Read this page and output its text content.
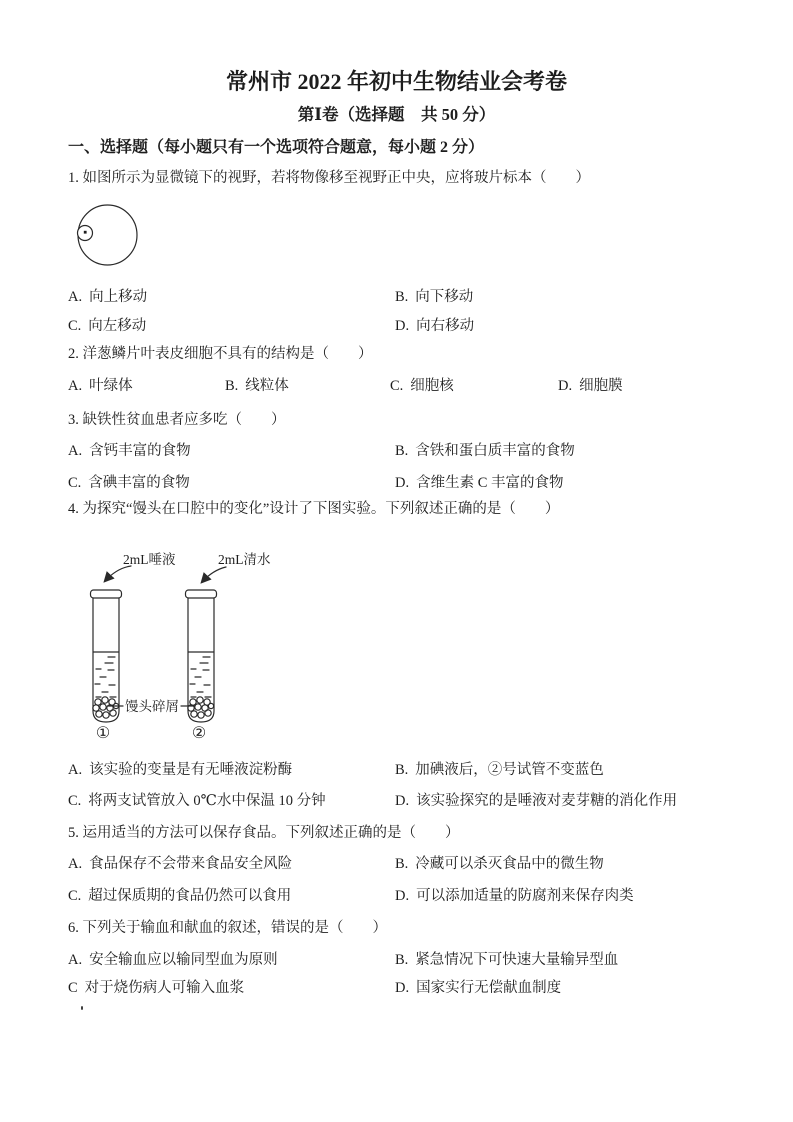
常州市 2022 年初中生物结业会考卷
第Ⅰ卷（选择题　共 50 分）
一、选择题（每小题只有一个选项符合题意，每小题 2 分）
1. 如图所示为显微镜下的视野，若将物像移至视野正中央，应将玻片标本（　　）
A. 向上移动	B. 向下移动
C. 向左移动	D. 向右移动
2. 洋葱鳞片叶表皮细胞不具有的结构是（　　）
A. 叶绿体	B. 线粒体	C. 细胞核	D. 细胞膜
3. 缺铁性贫血患者应多吃（　　）
A. 含钙丰富的食物	B. 含铁和蛋白质丰富的食物
C. 含碘丰富的食物	D. 含维生素 C 丰富的食物
4. 为探究“馒头在口腔中的变化”设计了下图实验。下列叙述正确的是（　　）
2mL唾液	2mL清水
①	②
馒头碎屑
A. 该实验的变量是有无唾液淀粉酶	B. 加碘液后，②号试管不变蓝色
C. 将两支试管放入 0℃水中保温 10 分钟	D. 该实验探究的是唾液对麦芽糖的消化作用
5. 运用适当的方法可以保存食品。下列叙述正确的是（　　）
A. 食品保存不会带来食品安全风险	B. 冷藏可以杀灭食品中的微生物
C. 超过保质期的食品仍然可以食用	D. 可以添加适量的防腐剂来保存肉类
6. 下列关于输血和献血的叙述，错误的是（　　）
A. 安全输血应以输同型血为原则	B. 紧急情况下可快速大量输异型血
C 对于烧伤病人可输入血浆	D. 国家实行无偿献血制度
